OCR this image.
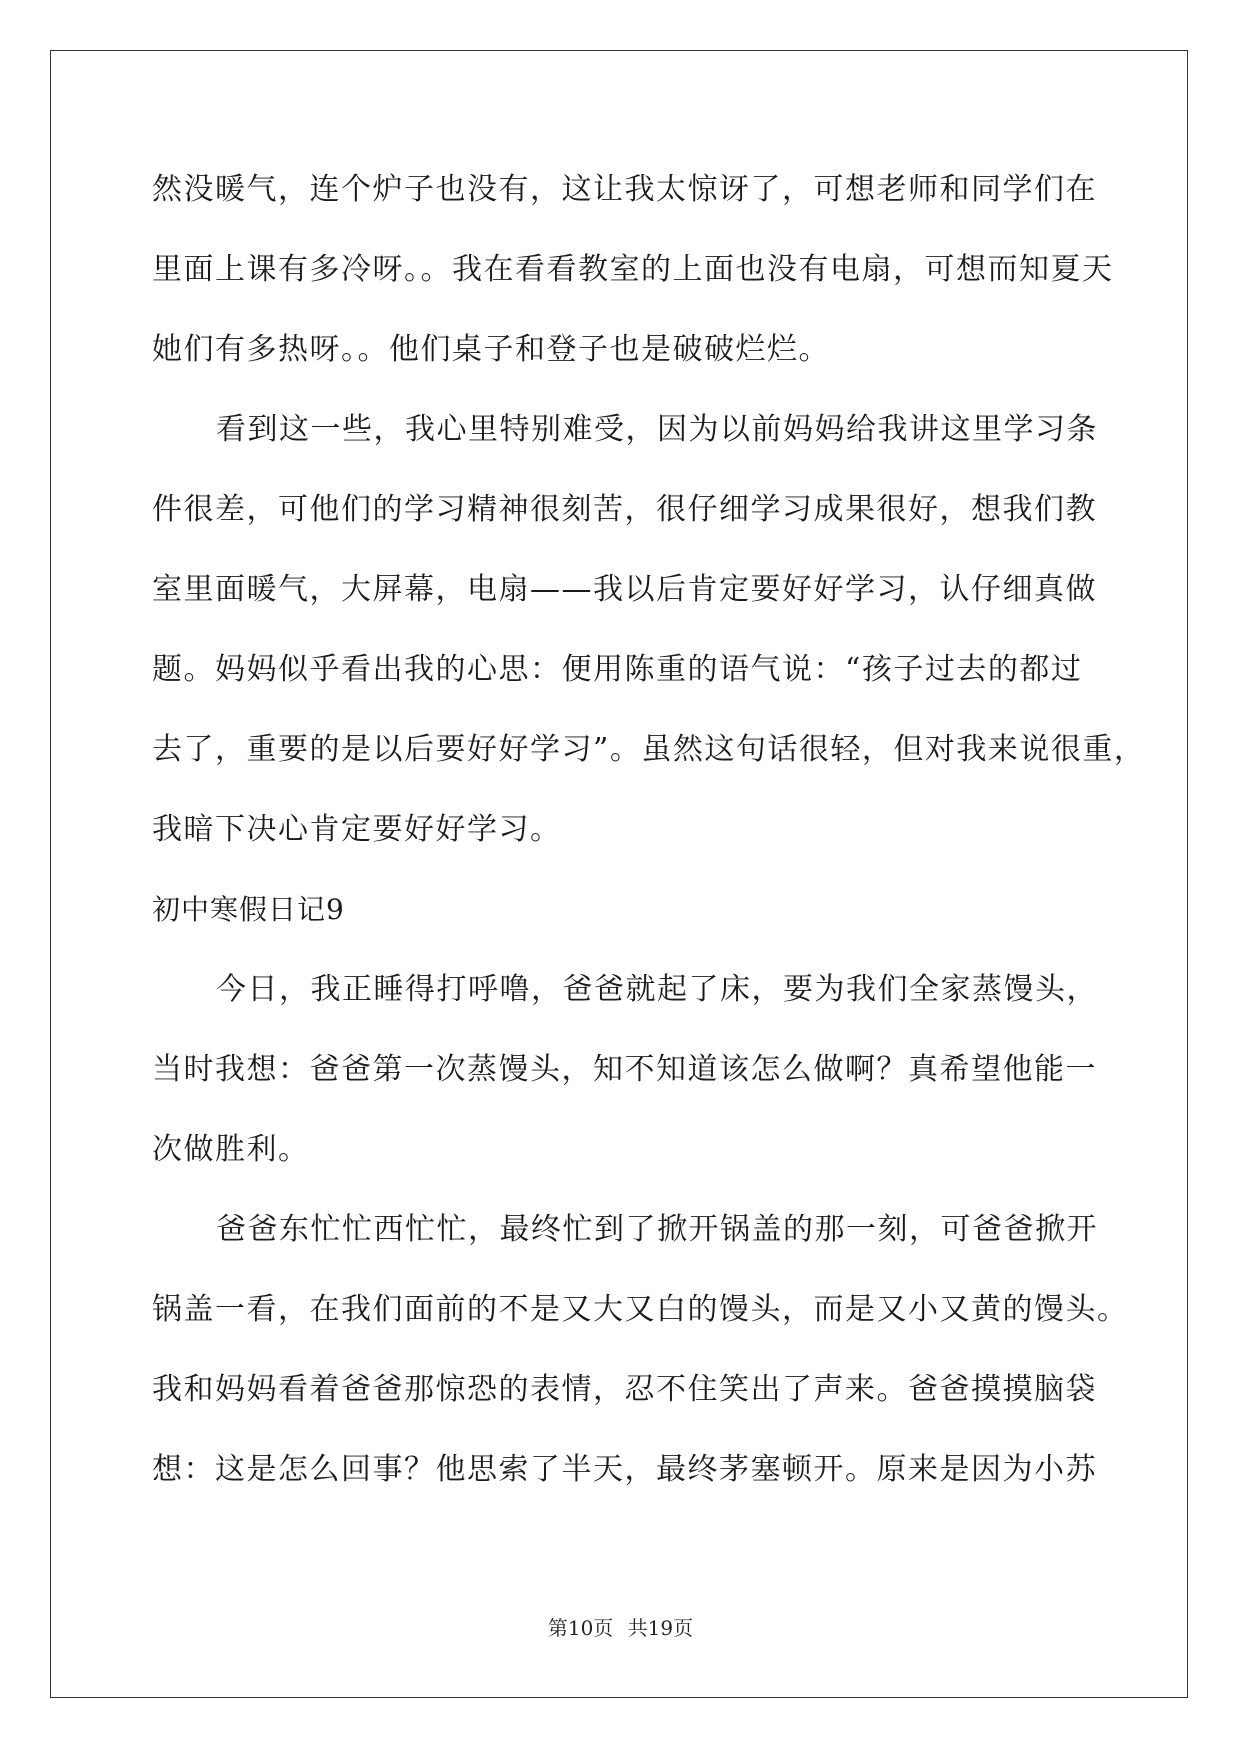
然没暖气，连个炉子也没有，这让我太惊讶了，可想老师和同学们在
里面上课有多冷呀。。我在看看教室的上面也没有电扇，可想而知夏天
她们有多热呀。。他们桌子和登子也是破破烂烂。
看到这一些，我心里特别难受，因为以前妈妈给我讲这里学习条
件很差，可他们的学习精神很刻苦，很仔细学习成果很好，想我们教
室里面暖气，大屏幕，电扇——我以后肯定要好好学习，认仔细真做
题。妈妈似乎看出我的心思：便用陈重的语气说：“孩子过去的都过
去了，重要的是以后要好好学习”。虽然这句话很轻，但对我来说很重，
我暗下决心肯定要好好学习。
初中寒假日记9
今日，我正睡得打呼噜，爸爸就起了床，要为我们全家蒸馒头，
当时我想：爸爸第一次蒸馒头，知不知道该怎么做啊？真希望他能一
次做胜利。
爸爸东忙忙西忙忙，最终忙到了掀开锅盖的那一刻，可爸爸掀开
锅盖一看，在我们面前的不是又大又白的馒头，而是又小又黄的馒头。
我和妈妈看着爸爸那惊恐的表情，忍不住笑出了声来。爸爸摸摸脑袋
想：这是怎么回事？他思索了半天，最终茅塞顿开。原来是因为小苏
第10页 共19页
